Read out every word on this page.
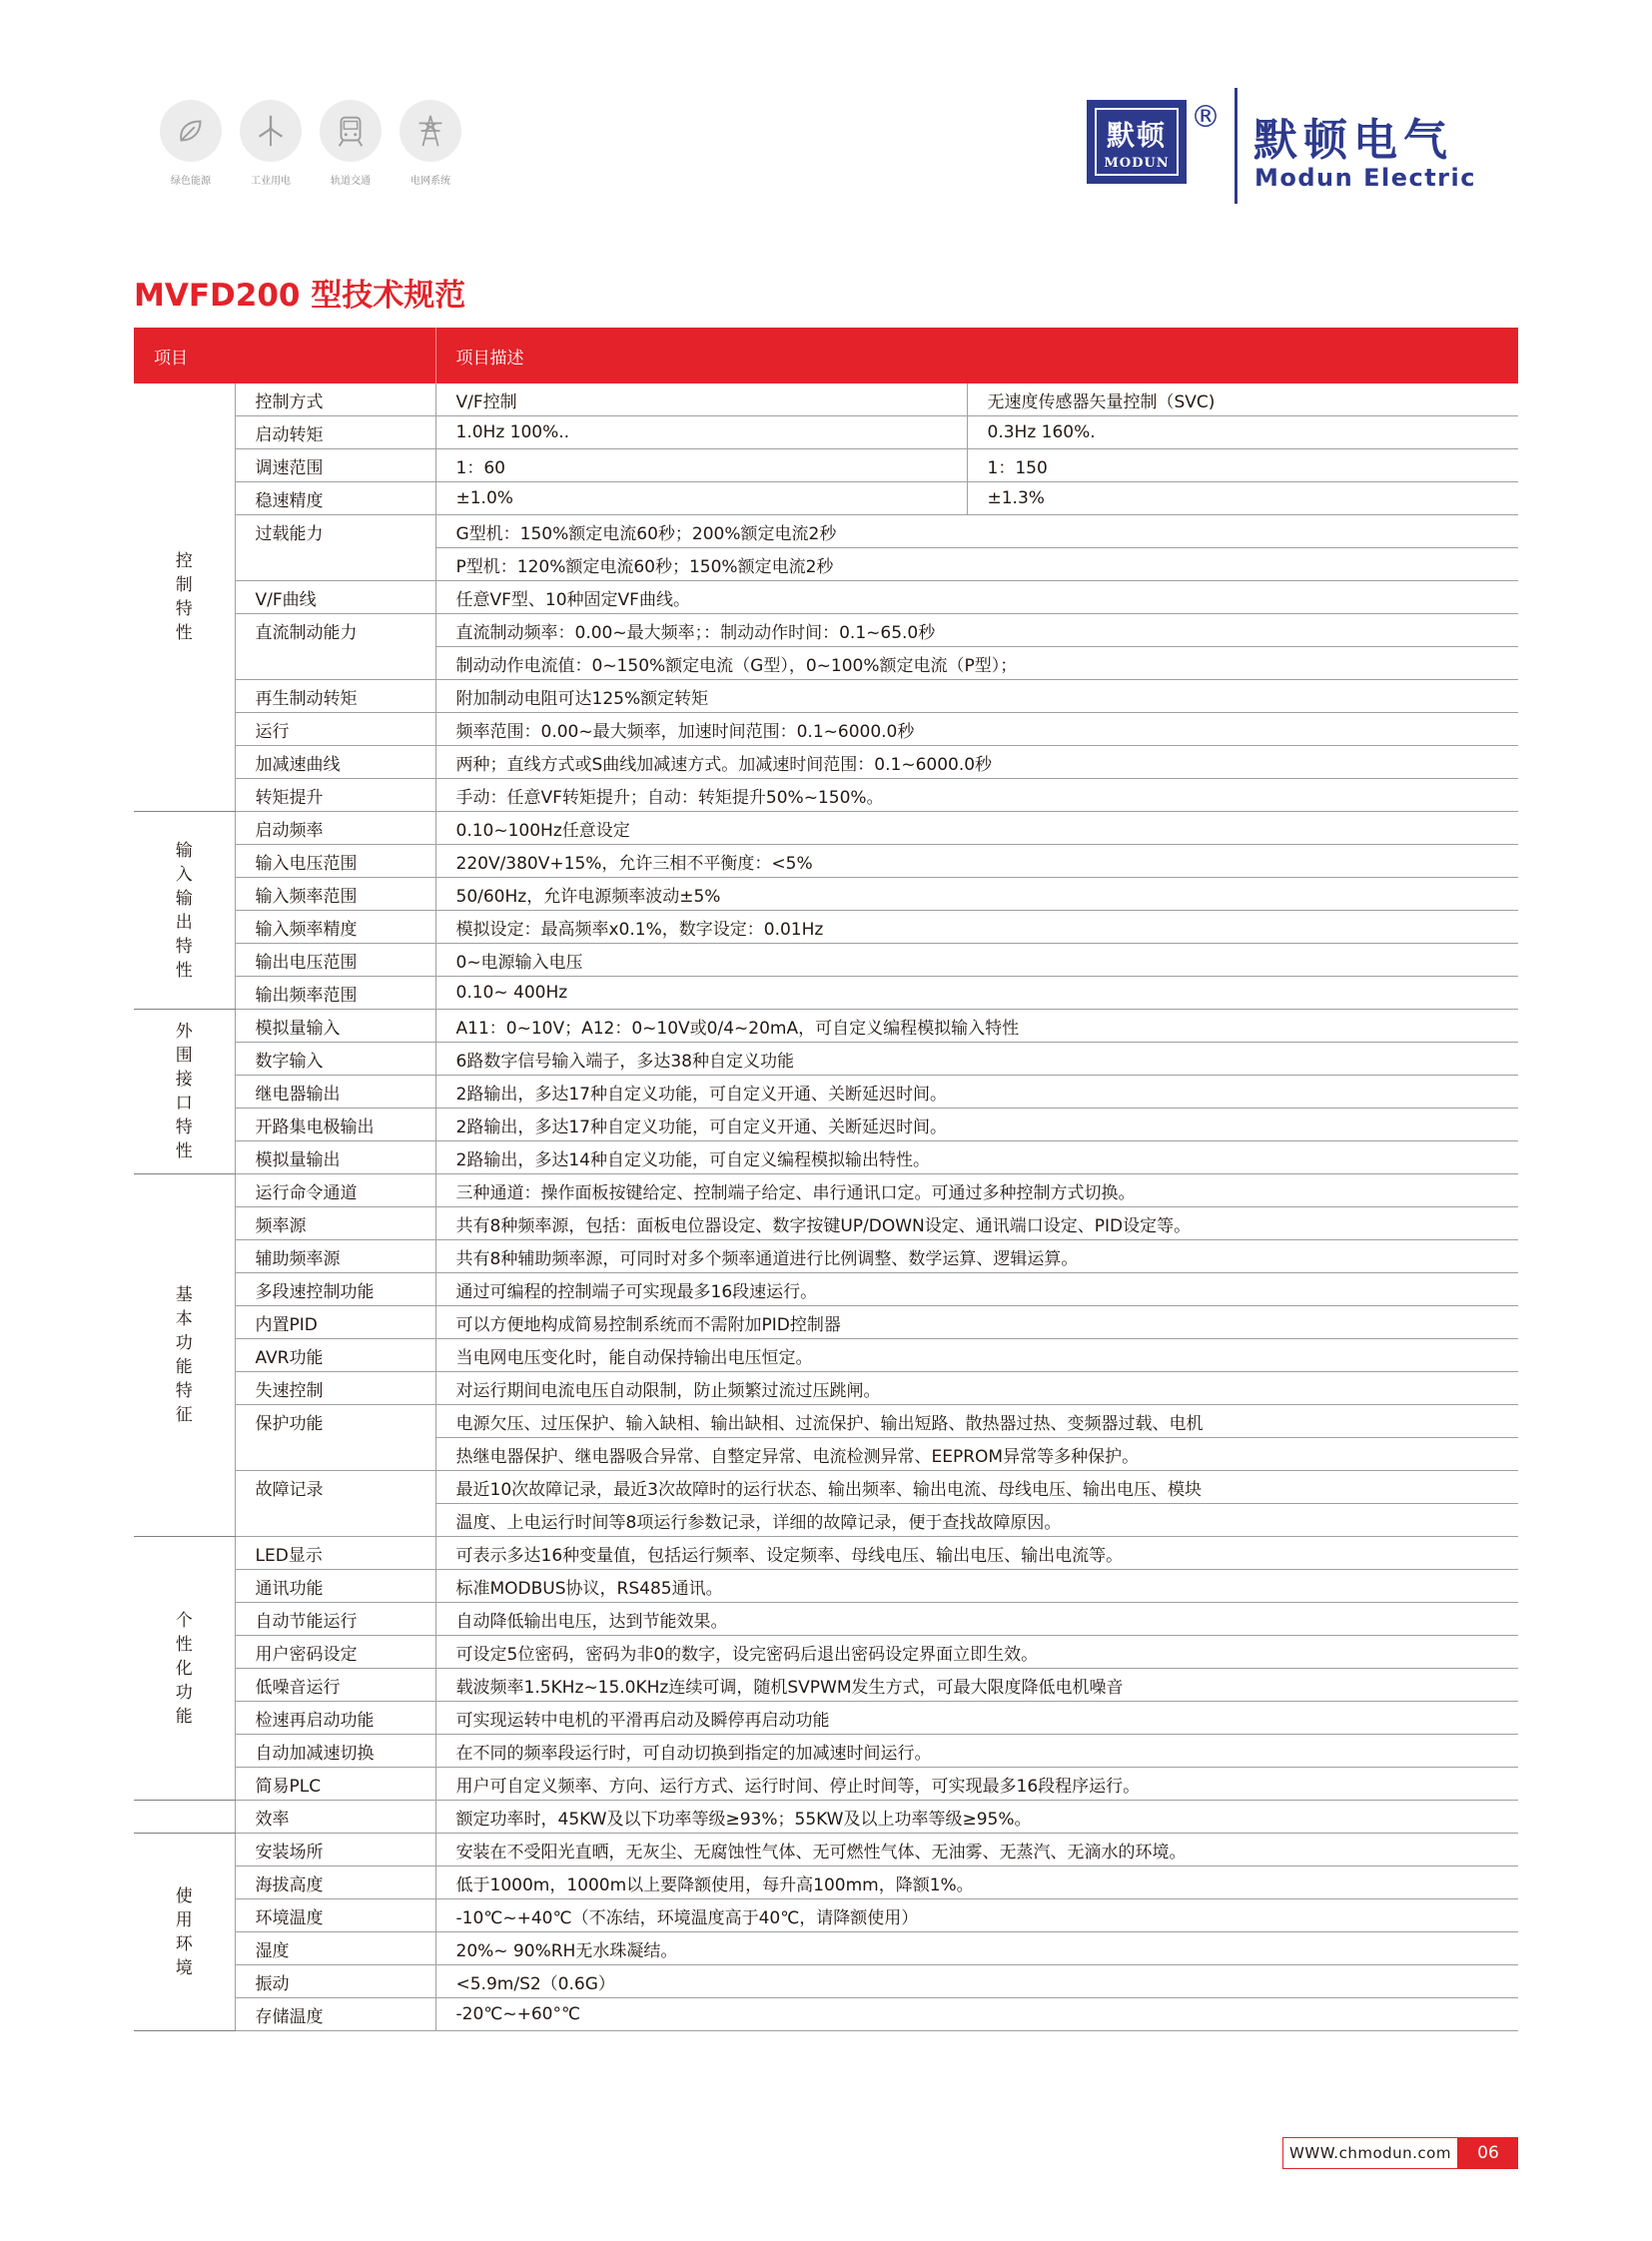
绿色能源	工业用电	轨道交通	电网系统
默顿
MODUN
® 默顿电气
Modun Electric
MVFD200 型技术规范
项目		项目描述	
控制特性	控制方式	V/F控制	无速度传感器矢量控制（SVC)
	启动转矩	1.0Hz 100%..	0.3Hz 160%.
	调速范围	1：60	1：150
	稳速精度	±1.0%	±1.3%
	过载能力	G型机：150%额定电流60秒；200%额定电流2秒	
		P型机：120%额定电流60秒；150%额定电流2秒	
	V/F曲线	任意VF型、10种固定VF曲线。	
	直流制动能力	直流制动频率：0.00~最大频率；：制动动作时间：0.1~65.0秒	
		制动动作电流值：0~150%额定电流（G型），0~100%额定电流（P型）；	
	再生制动转矩	附加制动电阻可达125%额定转矩	
	运行	频率范围：0.00~最大频率，加速时间范围：0.1~6000.0秒	
	加减速曲线	两种；直线方式或S曲线加减速方式。加减速时间范围：0.1~6000.0秒	
	转矩提升	手动：任意VF转矩提升；自动：转矩提升50%~150%。	
输入输出特性	启动频率	0.10~100Hz任意设定	
	输入电压范围	220V/380V+15%，允许三相不平衡度：<5%	
	输入频率范围	50/60Hz，允许电源频率波动±5%	
	输入频率精度	模拟设定：最高频率x0.1%，数字设定：0.01Hz	
	输出电压范围	0~电源输入电压	
	输出频率范围	0.10~ 400Hz	
外围接口特性	模拟量输入	A11：0~10V；A12：0~10V或0/4~20mA，可自定义编程模拟输入特性	
	数字输入	6路数字信号输入端子，多达38种自定义功能	
	继电器输出	2路输出，多达17种自定义功能，可自定义开通、关断延迟时间。	
	开路集电极输出	2路输出，多达17种自定义功能，可自定义开通、关断延迟时间。	
	模拟量输出	2路输出，多达14种自定义功能，可自定义编程模拟输出特性。	
基本功能特征	运行命令通道	三种通道：操作面板按键给定、控制端子给定、串行通讯口定。可通过多种控制方式切换。	
	频率源	共有8种频率源，包括：面板电位器设定、数字按键UP/DOWN设定、通讯端口设定、PID设定等。	
	辅助频率源	共有8种辅助频率源，可同时对多个频率通道进行比例调整、数学运算、逻辑运算。	
	多段速控制功能	通过可编程的控制端子可实现最多16段速运行。	
	内置PID	可以方便地构成简易控制系统而不需附加PID控制器	
	AVR功能	当电网电压变化时，能自动保持输出电压恒定。	
	失速控制	对运行期间电流电压自动限制，防止频繁过流过压跳闸。	
	保护功能	电源欠压、过压保护、输入缺相、输出缺相、过流保护、输出短路、散热器过热、变频器过载、电机	
		热继电器保护、继电器吸合异常、自整定异常、电流检测异常、EEPROM异常等多种保护。	
	故障记录	最近10次故障记录，最近3次故障时的运行状态、输出频率、输出电流、母线电压、输出电压、模块	
		温度、上电运行时间等8项运行参数记录，详细的故障记录，便于查找故障原因。	
个性化功能	LED显示	可表示多达16种变量值，包括运行频率、设定频率、母线电压、输出电压、输出电流等。	
	通讯功能	标准MODBUS协议，RS485通讯。	
	自动节能运行	自动降低输出电压，达到节能效果。	
	用户密码设定	可设定5位密码，密码为非0的数字，设完密码后退出密码设定界面立即生效。	
	低噪音运行	载波频率1.5KHz~15.0KHz连续可调，随机SVPWM发生方式，可最大限度降低电机噪音	
	检速再启动功能	可实现运转中电机的平滑再启动及瞬停再启动功能	
	自动加减速切换	在不同的频率段运行时，可自动切换到指定的加减速时间运行。	
	简易PLC	用户可自定义频率、方向、运行方式、运行时间、停止时间等，可实现最多16段程序运行。	
	效率	额定功率时，45KW及以下功率等级≥93%；55KW及以上功率等级≥95%。	
使用环境	安装场所	安装在不受阳光直晒，无灰尘、无腐蚀性气体、无可燃性气体、无油雾、无蒸汽、无滴水的环境。	
	海拔高度	低于1000m，1000m以上要降额使用，每升高100mm，降额1%。	
	环境温度	-10℃~+40℃（不冻结，环境温度高于40℃，请降额使用）	
	湿度	20%~ 90%RH无水珠凝结。	
	振动	<5.9m/S2（0.6G）	
	存储温度	-20℃~+60°℃	
WWW.chmodun.com	06
